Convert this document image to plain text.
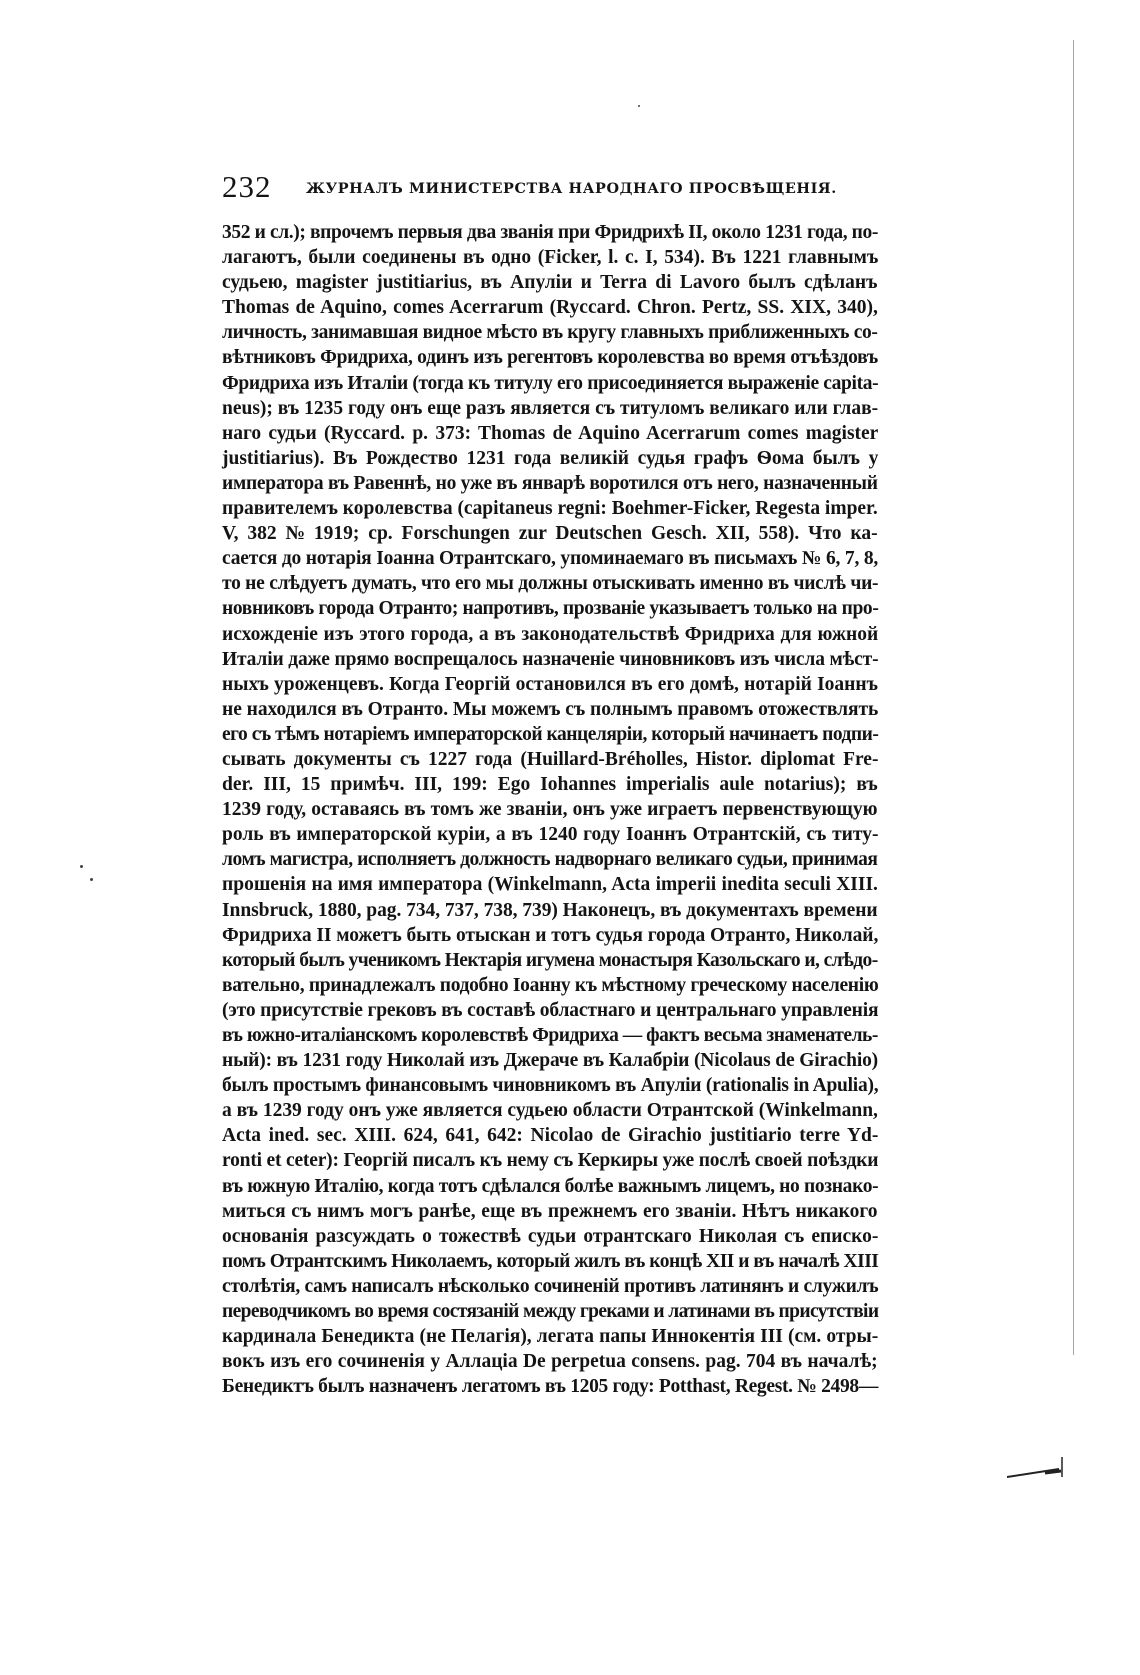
232 ЖУРНАЛЪ МИНИСТЕРСТВА НАРОДНАГО ПРОСВѢЩЕНІЯ.
352 и сл.); впрочемъ первыя два званія при Фридрихѣ II, около 1231 года, по-
лагаютъ, были соединены въ одно (Ficker, l. c. I, 534). Въ 1221 главнымъ
судьею, magister justitiarius, въ Апуліи и Terra di Lavoro былъ сдѣланъ
Thomas de Aquino, comes Acerrarum (Ryccard. Chron. Pertz, SS. XIX, 340),
личность, занимавшая видное мѣсто въ кругу главныхъ приближенныхъ со-
вѣтниковъ Фридриха, одинъ изъ регентовъ королевства во время отъѣздовъ
Фридриха изъ Италіи (тогда къ титулу его присоединяется выраженіе capita-
neus); въ 1235 году онъ еще разъ является съ титуломъ великаго или глав-
наго судьи (Ryccard. p. 373: Thomas de Aquino Acerrarum comes magister
justitiarius). Въ Рождество 1231 года великій судья графъ Ѳома былъ у
императора въ Равеннѣ, но уже въ январѣ воротился отъ него, назначенный
правителемъ королевства (capitaneus regni: Boehmer-Ficker, Regesta imper.
V, 382 № 1919; ср. Forschungen zur Deutschen Gesch. XII, 558). Что ка-
сается до нотарія Іоанна Отрантскаго, упоминаемаго въ письмахъ № 6, 7, 8,
то не слѣдуетъ думать, что его мы должны отыскивать именно въ числѣ чи-
новниковъ города Отранто; напротивъ, прозваніе указываетъ только на про-
исхожденіе изъ этого города, а въ законодательствѣ Фридриха для южной
Италіи даже прямо воспрещалось назначеніе чиновниковъ изъ числа мѣст-
ныхъ уроженцевъ. Когда Георгій остановился въ его домѣ, нотарій Іоаннъ
не находился въ Отранто. Мы можемъ съ полнымъ правомъ отожествлять
его съ тѣмъ нотаріемъ императорской канцеляріи, который начинаетъ подпи-
сывать документы съ 1227 года (Huillard-Bréholles, Histor. diplomat Fre-
der. III, 15 примѣч. III, 199: Ego Iohannes imperialis aule notarius); въ
1239 году, оставаясь въ томъ же званіи, онъ уже играетъ первенствующую
роль въ императорской куріи, а въ 1240 году Іоаннъ Отрантскій, съ титу-
ломъ магистра, исполняетъ должность надворнаго великаго судьи, принимая
прошенія на имя императора (Winkelmann, Acta imperii inedita seculi XIII.
Innsbruck, 1880, pag. 734, 737, 738, 739) Наконецъ, въ документахъ времени
Фридриха II можетъ быть отыскан и тотъ судья города Отранто, Николай,
который былъ ученикомъ Нектарія игумена монастыря Казольскаго и, слѣдо-
вательно, принадлежалъ подобно Іоанну къ мѣстному греческому населенію
(это присутствіе грековъ въ составѣ областнаго и центральнаго управленія
въ южно-италіанскомъ королевствѣ Фридриха — фактъ весьма знаменатель-
ный): въ 1231 году Николай изъ Джераче въ Калабріи (Nicolaus de Girachio)
былъ простымъ финансовымъ чиновникомъ въ Апуліи (rationalis in Apulia),
а въ 1239 году онъ уже является судьею области Отрантской (Winkelmann,
Acta ined. sec. XIII. 624, 641, 642: Nicolao de Girachio justitiario terre Yd-
ronti et ceter): Георгій писалъ къ нему съ Керкиры уже послѣ своей поѣздки
въ южную Италію, когда тотъ сдѣлался болѣе важнымъ лицемъ, но познако-
миться съ нимъ могъ ранѣе, еще въ прежнемъ его званіи. Нѣтъ никакого
основанія разсуждать о тожествѣ судьи отрантскаго Николая съ еписко-
помъ Отрантскимъ Николаемъ, который жилъ въ концѣ XII и въ началѣ XIII
столѣтія, самъ написалъ нѣсколько сочиненій противъ латинянъ и служилъ
переводчикомъ во время состязаній между греками и латинами въ присутствіи
кардинала Бенедикта (не Пелагія), легата папы Иннокентія III (см. отры-
вокъ изъ его сочиненія у Аллаціа De perpetua consens. pag. 704 въ началѣ;
Бенедиктъ былъ назначенъ легатомъ въ 1205 году: Potthast, Regest. № 2498—
